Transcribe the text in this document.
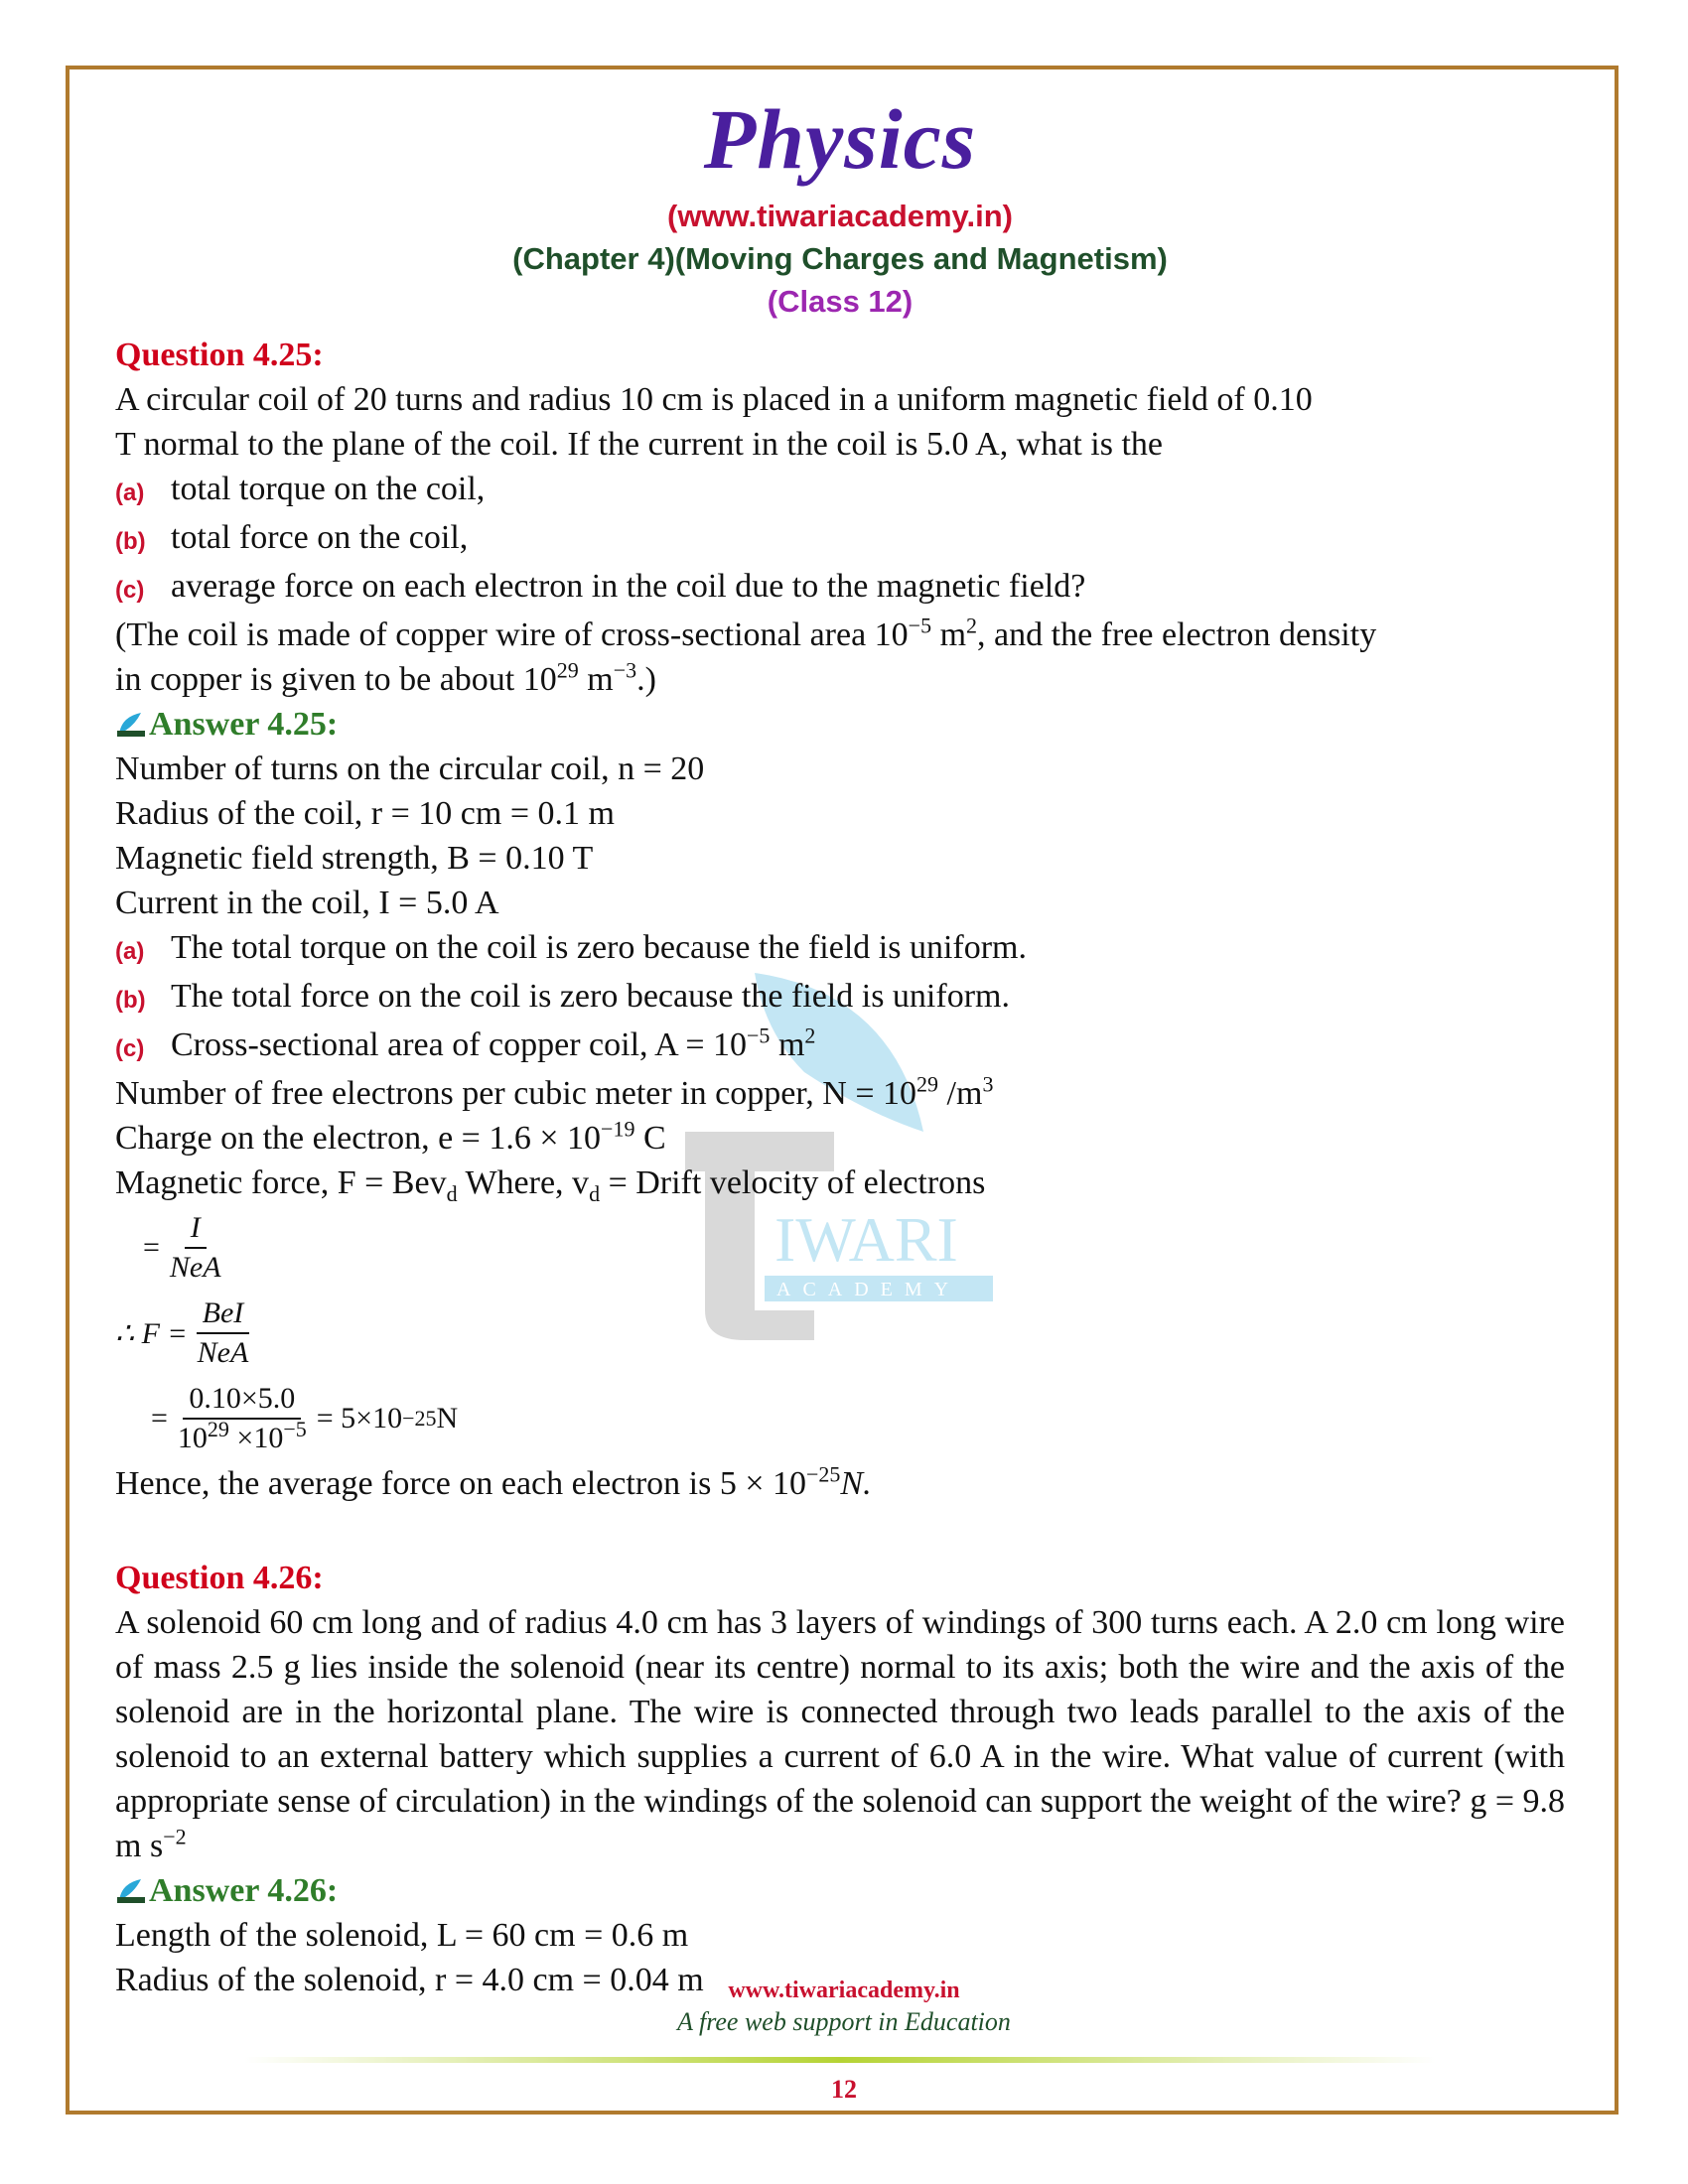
IWARI
ACADEMY
Physics

(www.tiwariacademy.in)

(Chapter 4)(Moving Charges and Magnetism)

(Class 12)

Question 4.25:

A circular coil of 20 turns and radius 10 cm is placed in a uniform magnetic field of 0.10

T normal to the plane of the coil. If the current in the coil is 5.0 A, what is the

(a) total torque on the coil,
(b) total force on the coil,
(c) average force on each electron in the coil due to the magnetic field?

(The coil is made of copper wire of cross-sectional area $10^{-5}$ $m^2$, and the free electron density

in copper is given to be about $10^{29}$ $m^{-3}$.)

Answer 4.25:

Number of turns on the circular coil, n = 20

Radius of the coil, r = 10 cm = 0.1 m

Magnetic field strength, B = 0.10 T

Current in the coil, I = 5.0 A

(a) The total torque on the coil is zero because the field is uniform.
(b) The total force on the coil is zero because the field is uniform.
(c) Cross-sectional area of copper coil, $A = 10^{-5}$ $m^2$

Number of free electrons per cubic meter in copper, $N = 10^{29}$ $/m^3$

Charge on the electron, $e = 1.6 \times 10^{-19}$ C

Magnetic force, F = Bev$_d$ Where, $v_d$ = Drift velocity of electrons

= $\frac{I}{\text{NeA}}$
∴ $F = \frac{\text{BeI}}{\text{NeA}}$
= $\frac{0.10\times 5.0}{10^{29} \times 10^{-5}} = 5\times 10 -25$ N

Hence, the average force on each electron is $5 \times 10^{-25}N$.

Question 4.26:

A solenoid 60 cm long and of radius 4.0 cm has 3 layers of windings of 300 turns each. A 2.0 cm long wire of mass 2.5 g lies inside the solenoid (near its centre) normal to its axis; both the wire and the axis of the solenoid are in the horizontal plane. The wire is connected through two leads parallel to the axis of the solenoid to an external battery which supplies a current of 6.0 A in the wire. What value of current (with appropriate sense of circulation) in the windings of the solenoid can support the weight of the wire? g = 9.8 m $s^{-2}$

Answer 4.26:

Length of the solenoid, L = 60 cm = 0.6 m

Radius of the solenoid, r = 4.0 cm = 0.04 m	www.tiwariacademy.in
A free web support in Education
12
